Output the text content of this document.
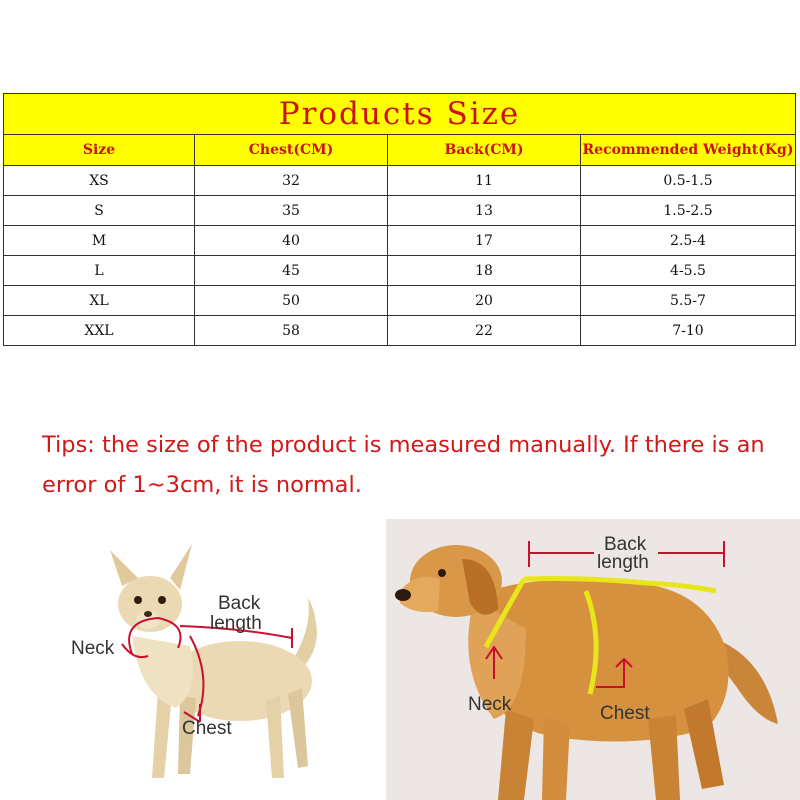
Products Size			
Size	Chest(CM)	Back(CM)	Recommended Weight(Kg)
XS	32	11	0.5-1.5
S	35	13	1.5-2.5
M	40	17	2.5-4
L	45	18	4-5.5
XL	50	20	5.5-7
XXL	58	22	7-10
Tips: the size of the product is measured manually. If there is an error of 1~3cm, it is normal.
Back
length
Neck
Chest
Back
length
Neck	Chest
